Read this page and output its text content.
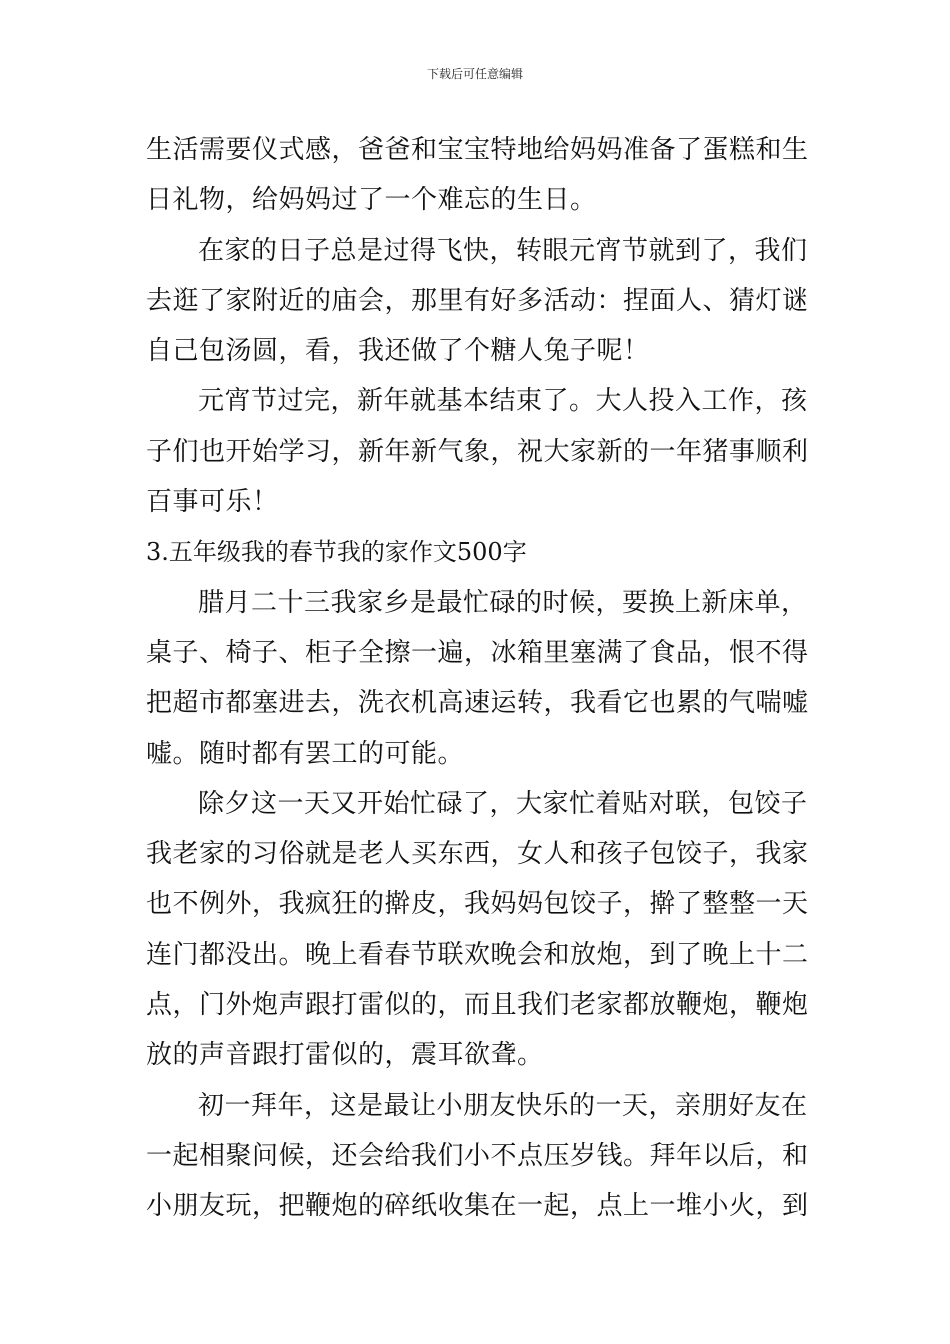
下载后可任意编辑
生活需要仪式感，爸爸和宝宝特地给妈妈准备了蛋糕和生
日礼物，给妈妈过了一个难忘的生日。
在家的日子总是过得飞快，转眼元宵节就到了，我们
去逛了家附近的庙会，那里有好多活动：捏面人、猜灯谜
自己包汤圆，看，我还做了个糖人兔子呢！
元宵节过完，新年就基本结束了。大人投入工作，孩
子们也开始学习，新年新气象，祝大家新的一年猪事顺利
百事可乐！
3.五年级我的春节我的家作文500字
腊月二十三我家乡是最忙碌的时候，要换上新床单，
桌子、椅子、柜子全擦一遍，冰箱里塞满了食品，恨不得
把超市都塞进去，洗衣机高速运转，我看它也累的气喘嘘
嘘。随时都有罢工的可能。
除夕这一天又开始忙碌了，大家忙着贴对联，包饺子
我老家的习俗就是老人买东西，女人和孩子包饺子，我家
也不例外，我疯狂的擀皮，我妈妈包饺子，擀了整整一天
连门都没出。晚上看春节联欢晚会和放炮，到了晚上十二
点，门外炮声跟打雷似的，而且我们老家都放鞭炮，鞭炮
放的声音跟打雷似的，震耳欲聋。
初一拜年，这是最让小朋友快乐的一天，亲朋好友在
一起相聚问候，还会给我们小不点压岁钱。拜年以后，和
小朋友玩，把鞭炮的碎纸收集在一起，点上一堆小火，到
